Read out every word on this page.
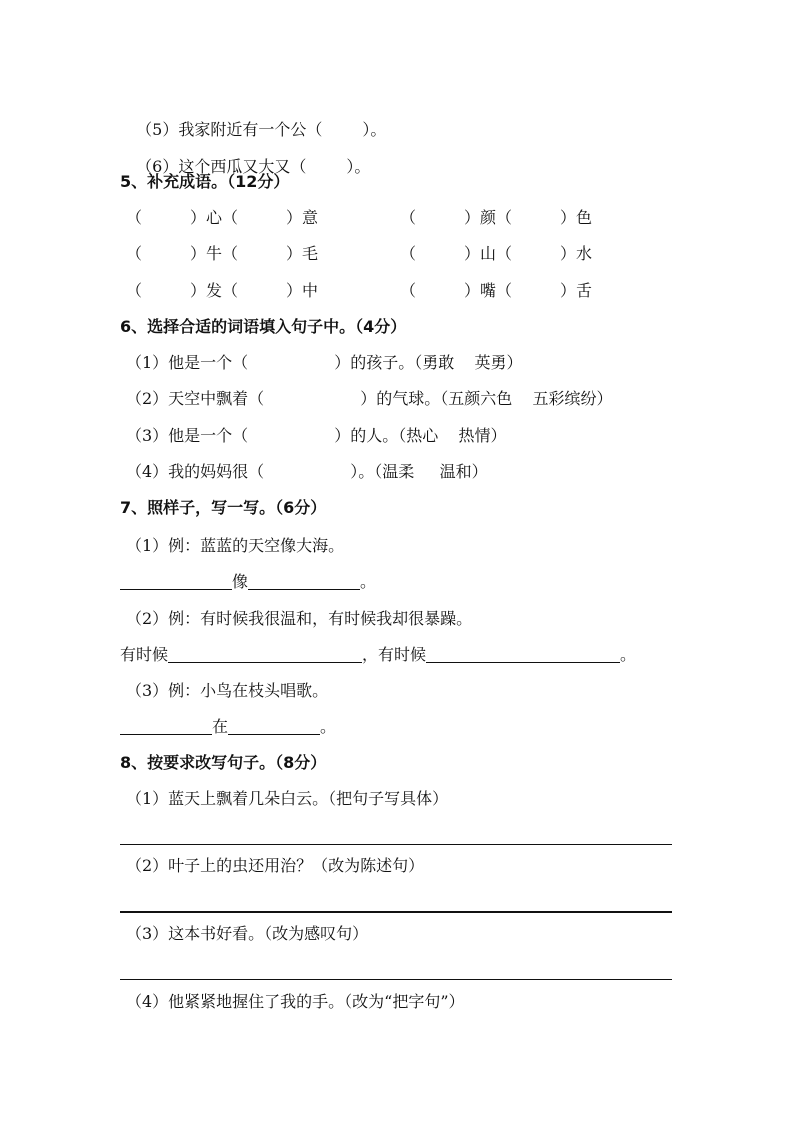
（5）我家附近有一个公（	）。

（6）这个西瓜又大又（	）。

5、补充成语。（12分）
（	）心（	）意	（	）颜（	）色
（	）牛（	）毛	（	）山（	）水
（	）发（	）中	（	）嘴（	）舌
6、选择合适的词语填入句子中。（4分）
（1）他是一个（	）的孩子。（勇敢    英勇）
（2）天空中飘着（	）的气球。（五颜六色    五彩缤纷）
（3）他是一个（	）的人。（热心    热情）
（4）我的妈妈很（	）。（温柔     温和）
7、照样子，写一写。（6分）
（1）例：蓝蓝的天空像大海。
像	。
（2）例：有时候我很温和，有时候我却很暴躁。
有时候	，有时候	。
（3）例：小鸟在枝头唱歌。
在	。
8、按要求改写句子。（8分）
（1）蓝天上飘着几朵白云。（把句子写具体）
（2）叶子上的虫还用治？（改为陈述句）
（3）这本书好看。（改为感叹句）
（4）他紧紧地握住了我的手。（改为“把字句”）
